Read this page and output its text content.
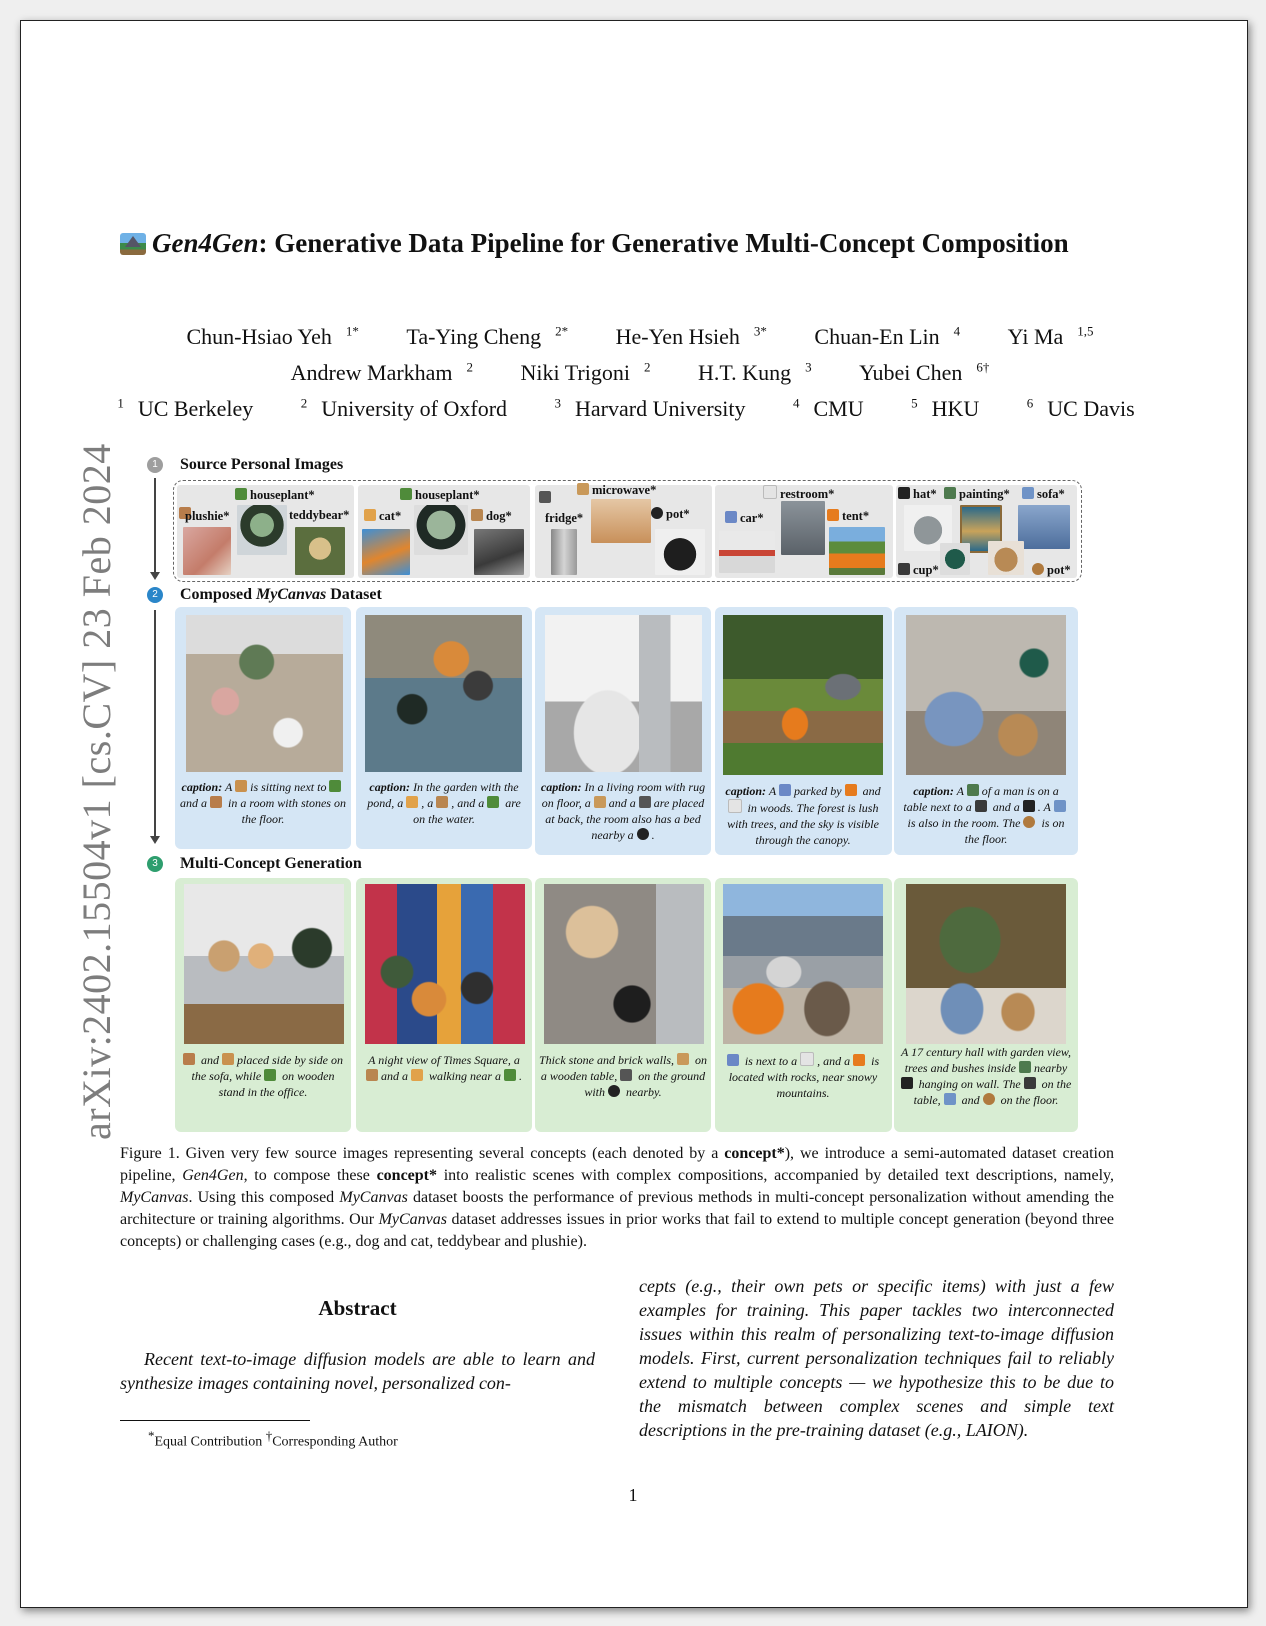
arXiv:2402.15504v1 [cs.CV] 23 Feb 2024
Gen4Gen: Generative Data Pipeline for Generative Multi-Concept Composition
Chun-Hsiao Yeh $^{1*}$ Ta-Ying Cheng $^{2*}$ He-Yen Hsieh $^{3*}$ Chuan-En Lin $^4$ Yi Ma $^{1,5}$
Andrew Markham $^2$ Niki Trigoni $^2$ H.T. Kung $^3$ Yubei Chen $^{6\dagger}$
$^1$ UC Berkeley	$^2$ University of Oxford	$^3$ Harvard University	$^4$ CMU	$^5$ HKU	$^6$ UC Davis
1	Source Personal Images
2	Composed MyCanvas Dataset
3	Multi-Concept Generation
plushie*
houseplant*
teddybear*	cat*
houseplant*
dog*	fridge*
microwave*
pot*	car*
restroom*
tent*
hat*	painting*	sofa*
cup*	pot*
caption: A is sitting next to  and a in a room with stones on the floor.
caption: In the garden with the pond, a , a , and a are on the water.
caption: In a living room with rug on floor, a and a are placed at back, the room also has a bed nearby a .
caption: A parked by and  in woods. The forest is lush with trees, and the sky is visible through the canopy.
caption: A of a man is on a table next to a and a . A  is also in the room. The is on the floor.
and placed side by side on the sofa, while on wooden stand in the office.
A night view of Times Square, a and a walking near a .
Thick stone and brick walls, on a wooden table, on the ground with nearby.
is next to a , and a is located with rocks, near snowy mountains.
A 17 century hall with garden view, trees and bushes inside nearby  hanging on wall. The on the table, and on the floor.
Figure 1. Given very few source images representing several concepts (each denoted by a concept*), we introduce a semi-automated dataset creation pipeline, Gen4Gen, to compose these concept* into realistic scenes with complex compositions, accompanied by detailed text descriptions, namely, MyCanvas. Using this composed MyCanvas dataset boosts the performance of previous methods in multi-concept personalization without amending the architecture or training algorithms. Our MyCanvas dataset addresses issues in prior works that fail to extend to multiple concept generation (beyond three concepts) or challenging cases (e.g., dog and cat, teddybear and plushie).
Abstract
Recent text-to-image diffusion models are able to learn and synthesize images containing novel, personalized con-
cepts (e.g., their own pets or specific items) with just a few examples for training. This paper tackles two interconnected issues within this realm of personalizing text-to-image diffusion models. First, current personalization techniques fail to reliably extend to multiple concepts — we hypothesize this to be due to the mismatch between complex scenes and simple text descriptions in the pre-training dataset (e.g., LAION).
*Equal Contribution †Corresponding Author
1
